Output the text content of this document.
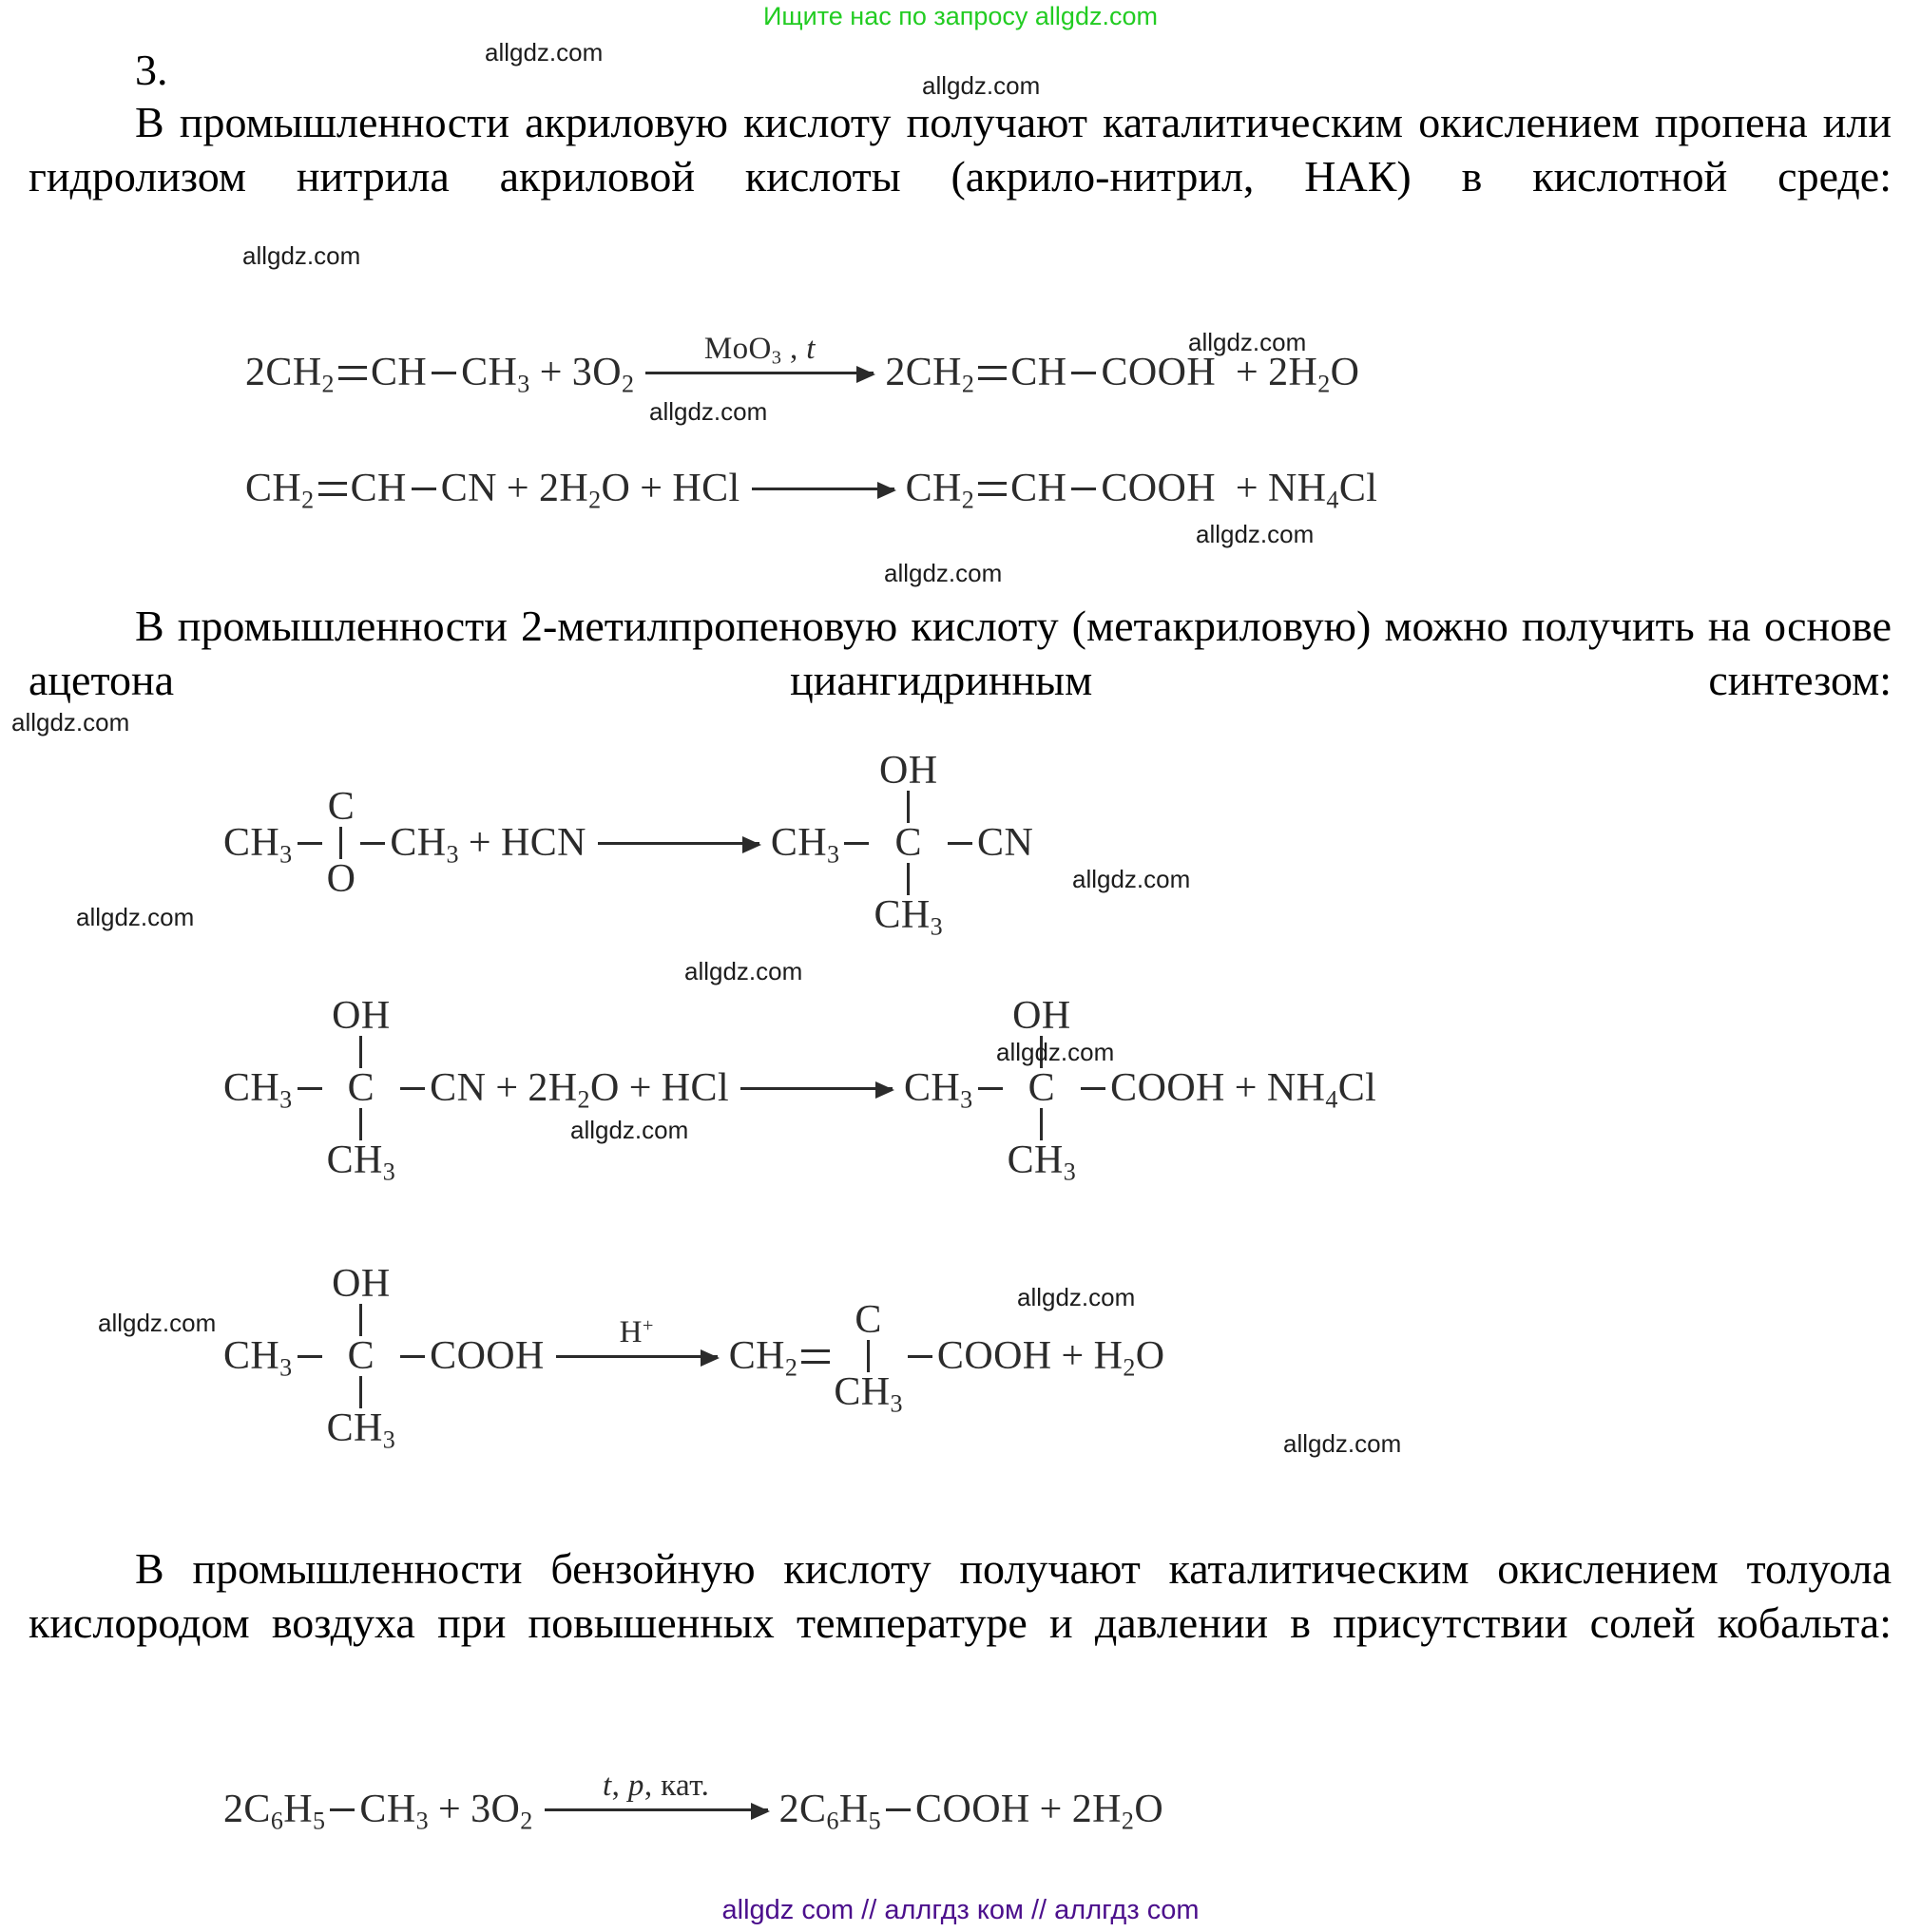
Ищите нас по запросу allgdz.com
3.
В промышленности акриловую кислоту получают каталитическим окислением пропена или гидролизом нитрила акриловой кислоты (акрило-нитрил, НАК) в кислотной среде:
$2CH_2$ CH $CH_3 + 3O_2$
MoO$_3$ , t
$2CH_2$ CH COOH + $2H_2O$
$CH_2$ CH CN + $2H_2O$ + HCl → $CH_2$ CH COOH + $NH_4Cl$
В промышленности 2-метилпропеновую кислоту (метакриловую) можно получить на основе ацетона циангидринным синтезом:
$CH_3$
C
O
$CH_3$ + HCN	$CH_3$
OH
C
$CH_3$
CN
$CH_3$
OH
C
$CH_3$
CN + $2H_2O$ + HCl → $CH_3$
OH
C
$CH_3$
COOH + $NH_4Cl$
$CH_3$
OH
C
$CH_3$
COOH
H+
$CH_2$
C
$CH_3$
COOH + $H_2O$
В промышленности бензойную кислоту получают каталитическим окислением толуола кислородом воздуха при повышенных температуре и давлении в присутствии солей кобальта:
$2C_6H_5$ $CH_3 + 3O_2$
t, p, кат.
$2C_6H_5$ COOH + $2H_2O$
allgdz.com
allgdz.com
allgdz.com
allgdz.com
allgdz.com
allgdz.com
allgdz.com
allgdz.com
allgdz.com
allgdz.com
allgdz.com
allgdz.com
allgdz.com
allgdz.com
allgdz.com
allgdz.com
allgdz com // аллгдз ком // аллгдз com
